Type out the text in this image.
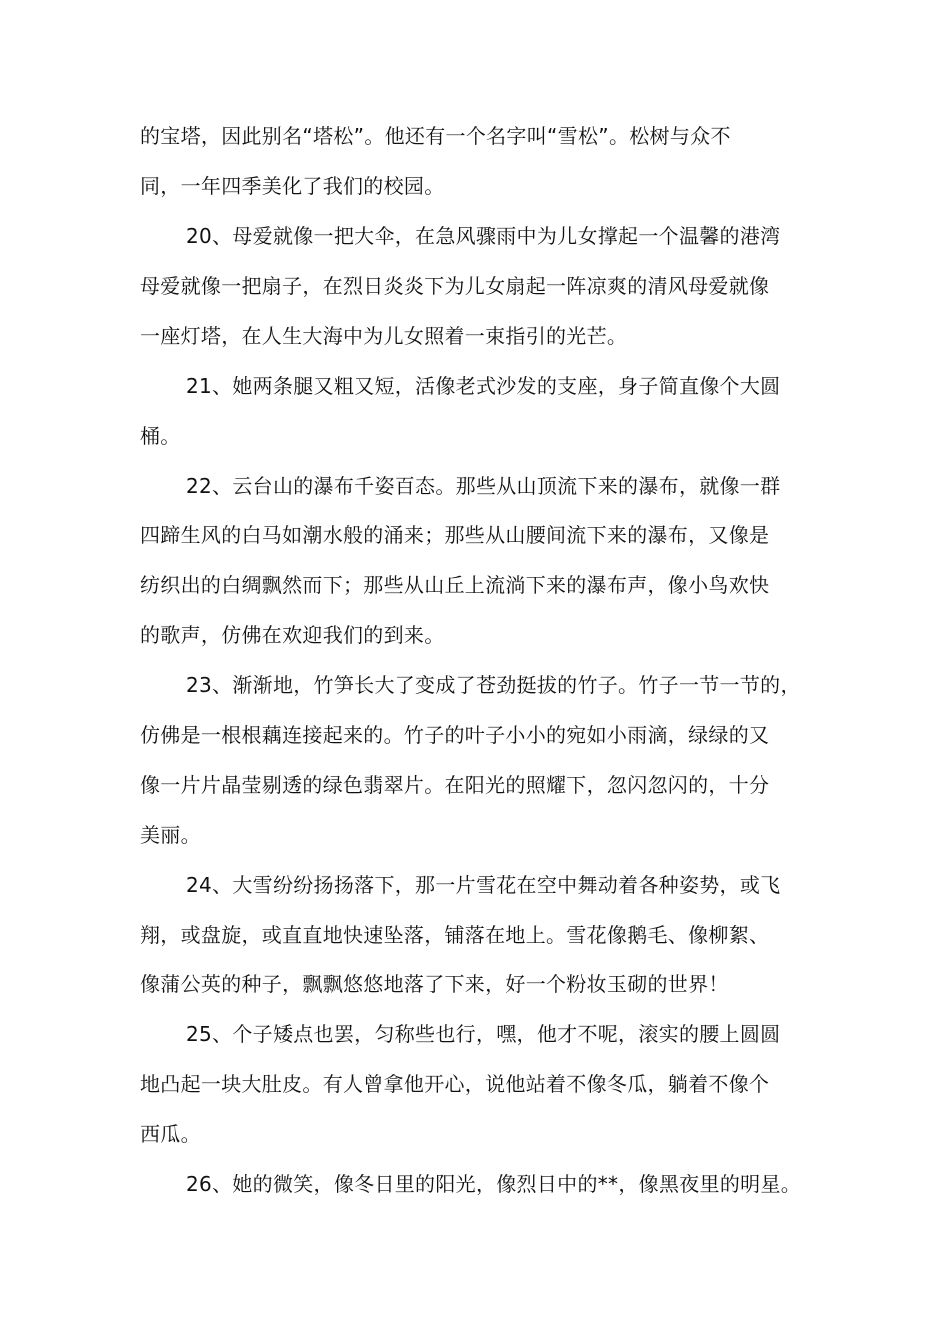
的宝塔，因此别名“塔松”。他还有一个名字叫“雪松”。松树与众不
同，一年四季美化了我们的校园。
20、母爱就像一把大伞，在急风骤雨中为儿女撑起一个温馨的港湾
母爱就像一把扇子，在烈日炎炎下为儿女扇起一阵凉爽的清风母爱就像
一座灯塔，在人生大海中为儿女照着一束指引的光芒。
21、她两条腿又粗又短，活像老式沙发的支座，身子简直像个大圆
桶。
22、云台山的瀑布千姿百态。那些从山顶流下来的瀑布，就像一群
四蹄生风的白马如潮水般的涌来；那些从山腰间流下来的瀑布，又像是
纺织出的白绸飘然而下；那些从山丘上流淌下来的瀑布声，像小鸟欢快
的歌声，仿佛在欢迎我们的到来。
23、渐渐地，竹笋长大了变成了苍劲挺拔的竹子。竹子一节一节的，
仿佛是一根根藕连接起来的。竹子的叶子小小的宛如小雨滴，绿绿的又
像一片片晶莹剔透的绿色翡翠片。在阳光的照耀下，忽闪忽闪的，十分
美丽。
24、大雪纷纷扬扬落下，那一片雪花在空中舞动着各种姿势，或飞
翔，或盘旋，或直直地快速坠落，铺落在地上。雪花像鹅毛、像柳絮、
像蒲公英的种子，飘飘悠悠地落了下来，好一个粉妆玉砌的世界！
25、个子矮点也罢，匀称些也行，嘿，他才不呢，滚实的腰上圆圆
地凸起一块大肚皮。有人曾拿他开心，说他站着不像冬瓜，躺着不像个
西瓜。
26、她的微笑，像冬日里的阳光，像烈日中的**，像黑夜里的明星。
